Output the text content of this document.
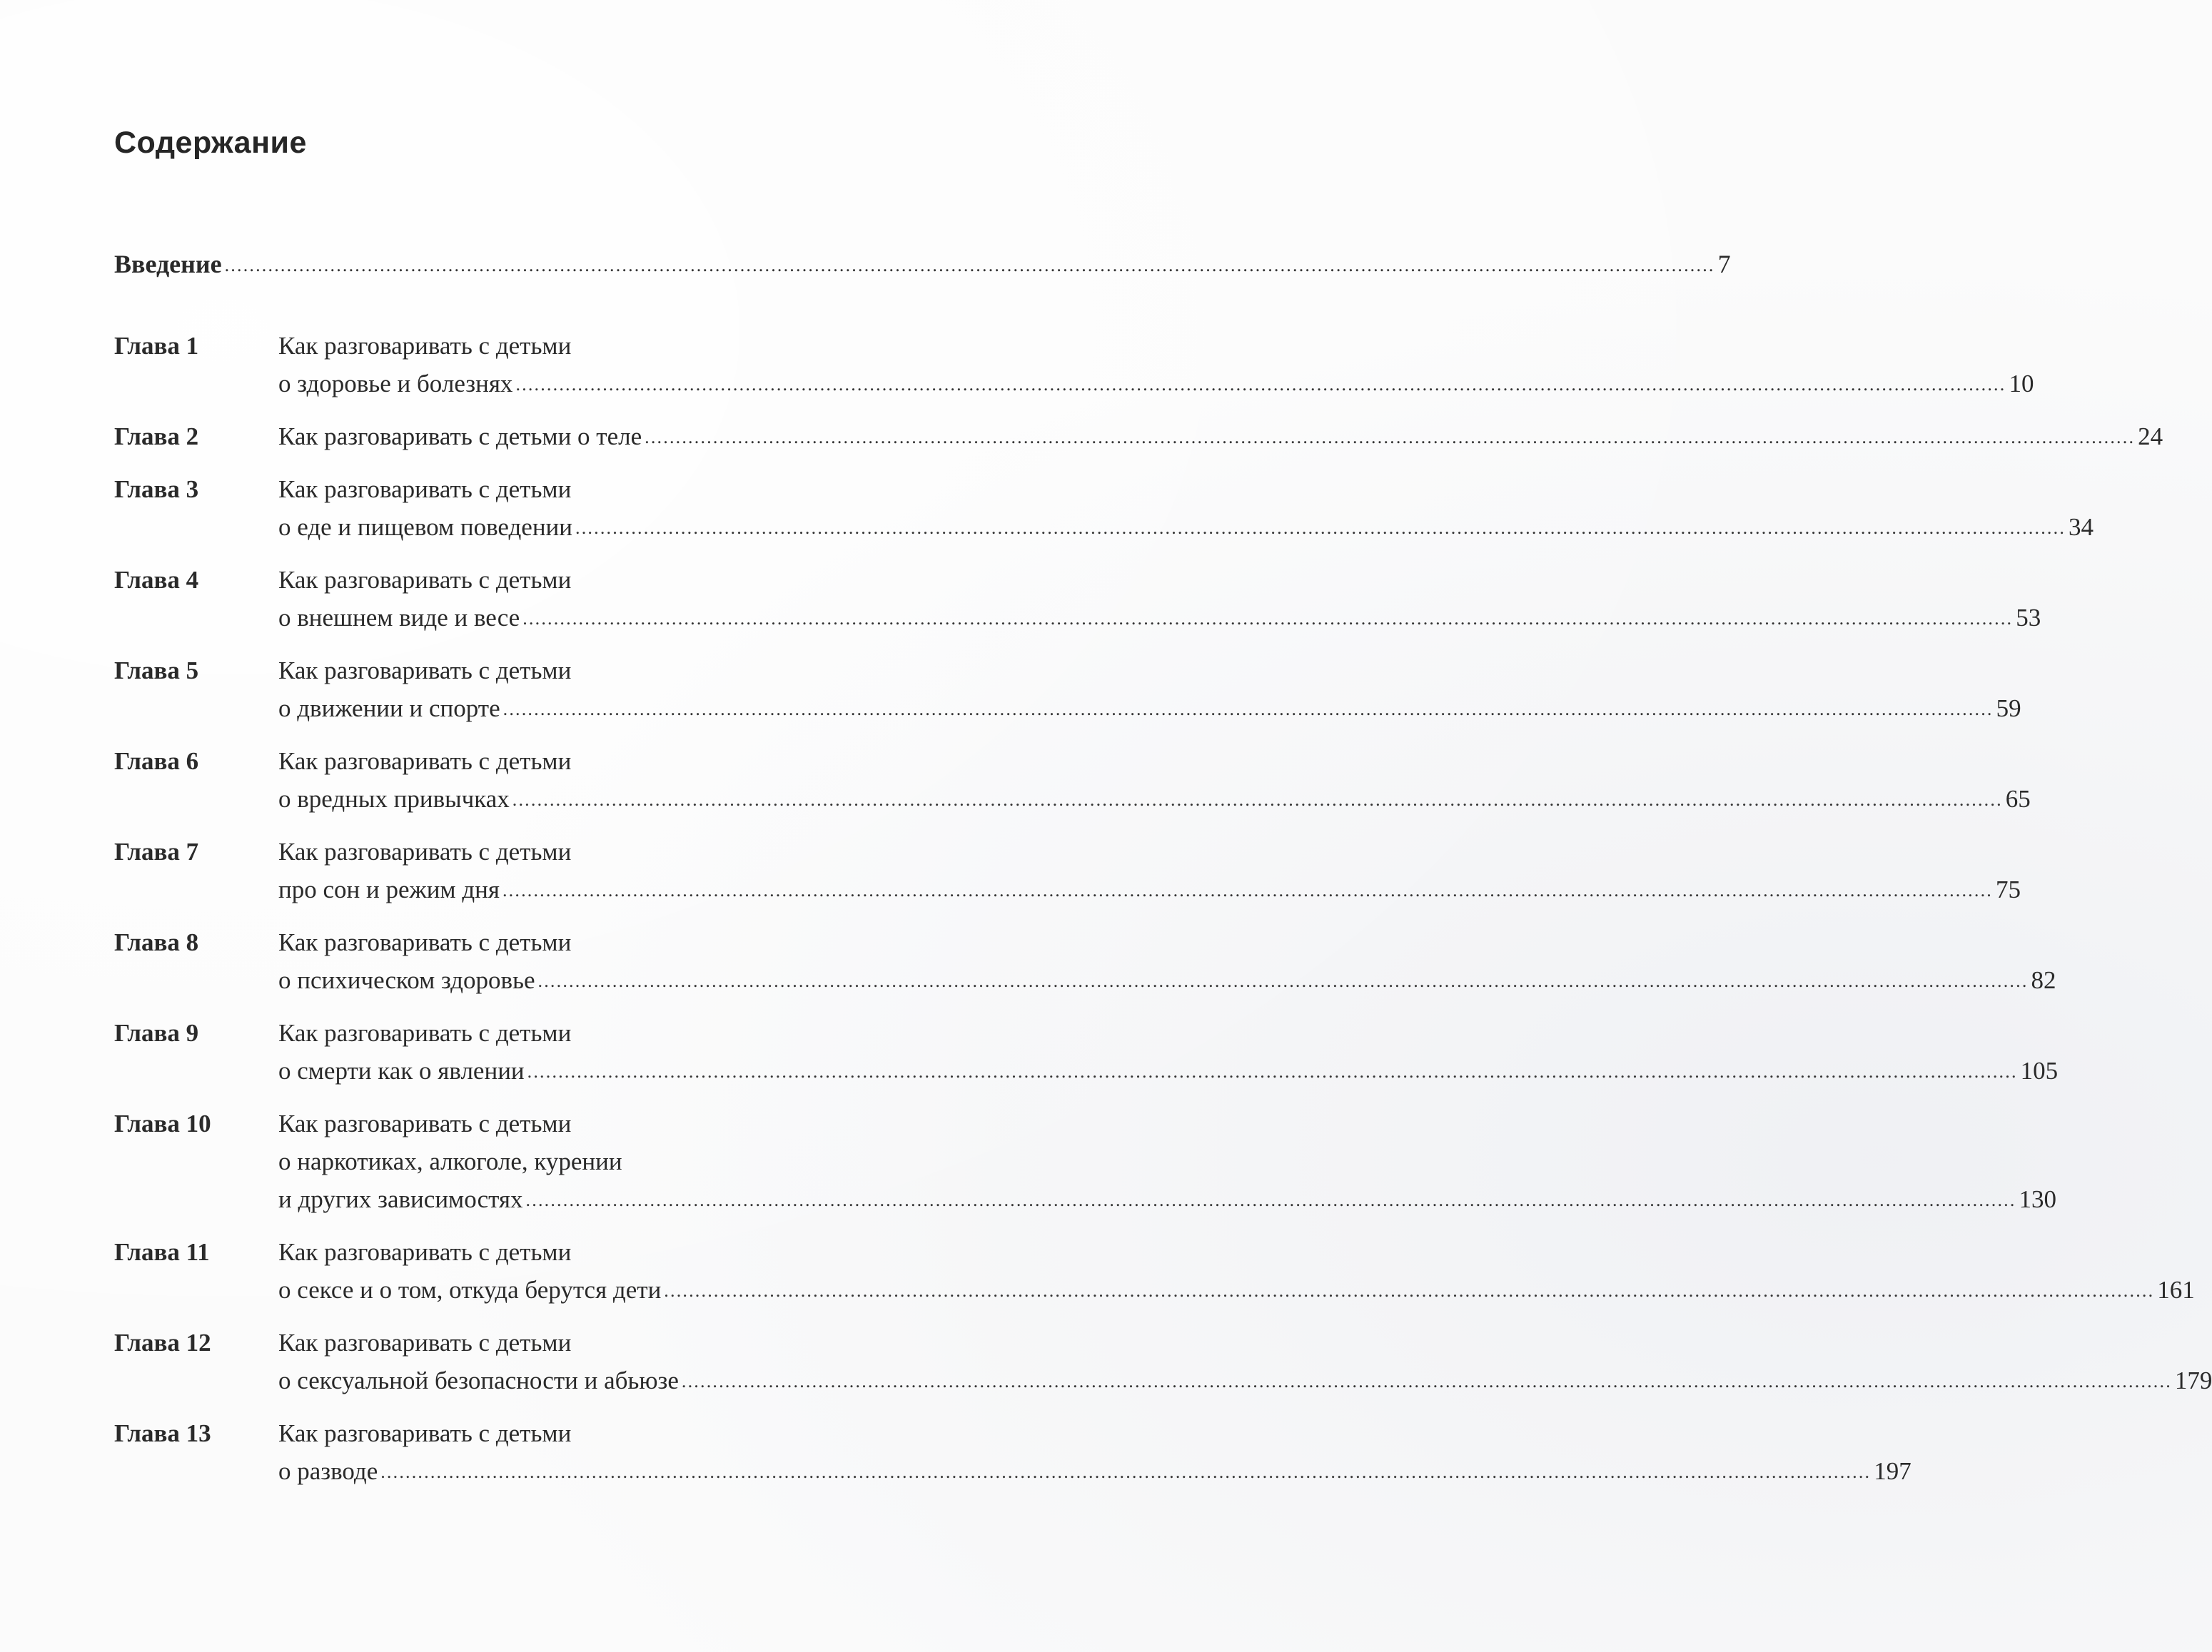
Содержание
Введение .....	7
Глава 1	Как разговаривать с детьми
о здоровье и болезнях .....	10
Глава 2	Как разговаривать с детьми о теле .....	24
Глава 3	Как разговаривать с детьми
о еде и пищевом поведении .....	34
Глава 4	Как разговаривать с детьми
о внешнем виде и весе .....	53
Глава 5	Как разговаривать с детьми
о движении и спорте .....	59
Глава 6	Как разговаривать с детьми
о вредных привычках .....	65
Глава 7	Как разговаривать с детьми
про сон и режим дня .....	75
Глава 8	Как разговаривать с детьми
о психическом здоровье .....	82
Глава 9	Как разговаривать с детьми
о смерти как о явлении .....	105
Глава 10	Как разговаривать с детьми
о наркотиках, алкоголе, курении
и других зависимостях .....	130
Глава 11	Как разговаривать с детьми
о сексе и о том, откуда берутся дети .....	161
Глава 12	Как разговаривать с детьми
о сексуальной безопасности и абьюзе .....	179
Глава 13	Как разговаривать с детьми
о разводе .....	197
